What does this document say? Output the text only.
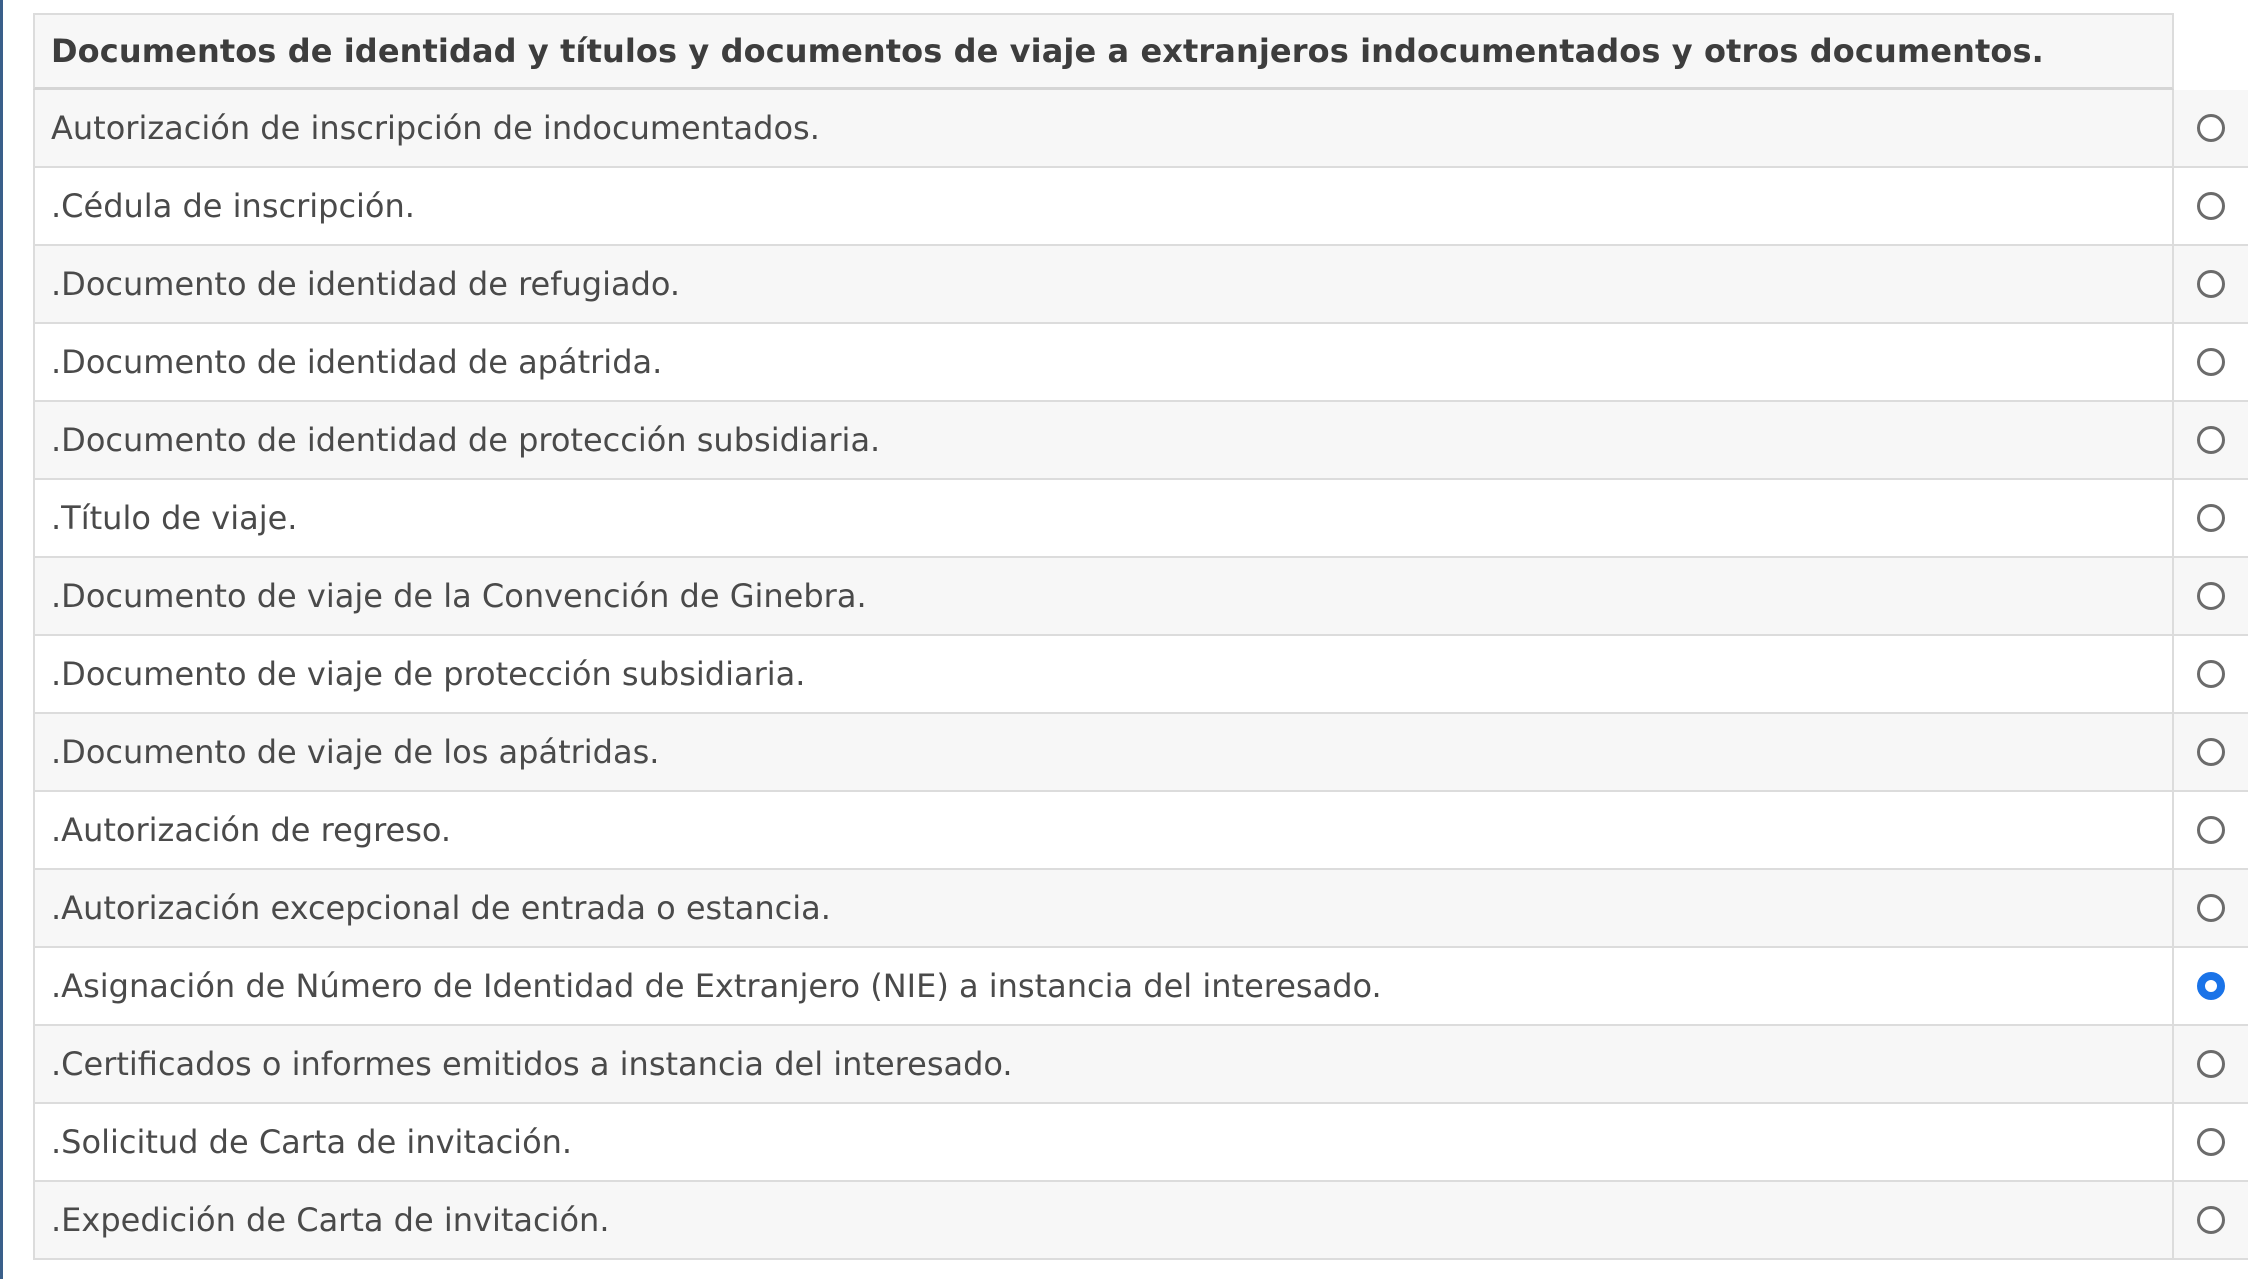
Documentos de identidad y títulos y documentos de viaje a extranjeros indocumentados y otros documentos.
Autorización de inscripción de indocumentados.
.Cédula de inscripción.
.Documento de identidad de refugiado.
.Documento de identidad de apátrida.
.Documento de identidad de protección subsidiaria.
.Título de viaje.
.Documento de viaje de la Convención de Ginebra.
.Documento de viaje de protección subsidiaria.
.Documento de viaje de los apátridas.
.Autorización de regreso.
.Autorización excepcional de entrada o estancia.
.Asignación de Número de Identidad de Extranjero (NIE) a instancia del interesado.
.Certificados o informes emitidos a instancia del interesado.
.Solicitud de Carta de invitación.
.Expedición de Carta de invitación.
